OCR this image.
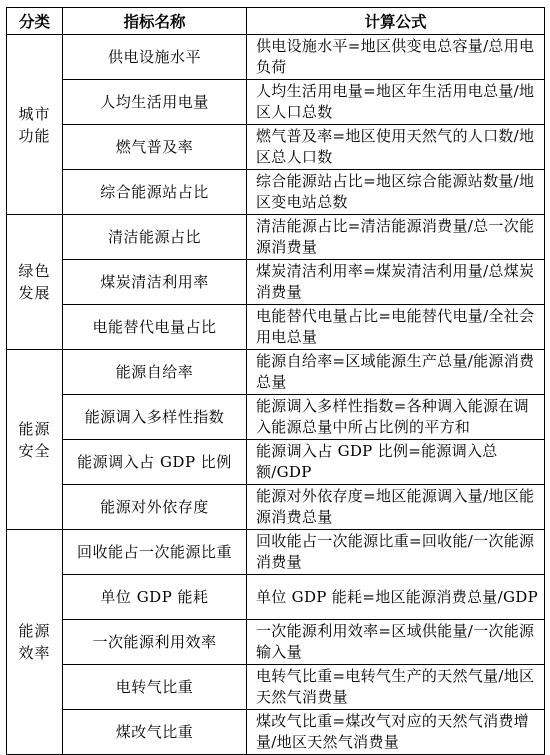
分类	指标名称	计算公式

城市
功能	供电设施水平	供电设施水平=地区供变电总容量/总用电负荷
	人均生活用电量	人均生活用电量=地区年生活用电总量/地区人口总数
	燃气普及率	燃气普及率=地区使用天然气的人口数/地区总人口数
	综合能源站占比	综合能源站占比=地区综合能源站数量/地区变电站总数

绿色
发展	清洁能源占比	清洁能源占比=清洁能源消费量/总一次能源消费量
	煤炭清洁利用率	煤炭清洁利用率=煤炭清洁利用量/总煤炭消费量
	电能替代电量占比	电能替代电量占比=电能替代电量/全社会用电总量

能源
安全	能源自给率	能源自给率=区域能源生产总量/能源消费总量
	能源调入多样性指数	能源调入多样性指数=各种调入能源在调入能源总量中所占比例的平方和
	能源调入占 GDP 比例	能源调入占 GDP 比例=能源调入总额/GDP
	能源对外依存度	能源对外依存度=地区能源调入量/地区能源消费总量

能源
效率	回收能占一次能源比重	回收能占一次能源比重=回收能/一次能源消费量
	单位 GDP 能耗	单位 GDP 能耗=地区能源消费总量/GDP
	一次能源利用效率	一次能源利用效率=区域供能量/一次能源输入量
	电转气比重	电转气比重=电转气生产的天然气量/地区天然气消费量
	煤改气比重	煤改气比重=煤改气对应的天然气消费增量/地区天然气消费量
